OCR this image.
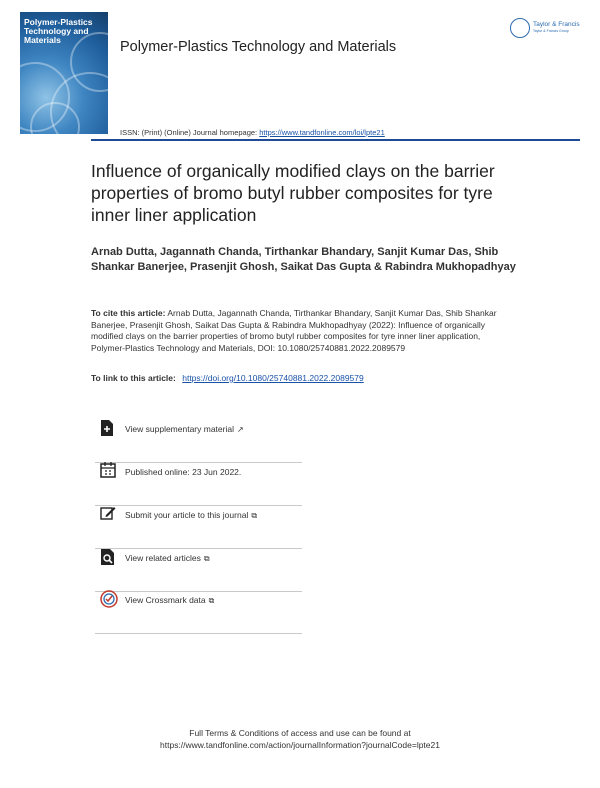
Polymer-Plastics Technology and Materials	Polymer-Plastics Technology and Materials
Taylor & Francis
Taylor & Francis Group
ISSN: (Print) (Online) Journal homepage: https://www.tandfonline.com/loi/lpte21
Influence of organically modified clays on the barrier properties of bromo butyl rubber composites for tyre inner liner application
Arnab Dutta, Jagannath Chanda, Tirthankar Bhandary, Sanjit Kumar Das, Shib Shankar Banerjee, Prasenjit Ghosh, Saikat Das Gupta & Rabindra Mukhopadhyay
To cite this article: Arnab Dutta, Jagannath Chanda, Tirthankar Bhandary, Sanjit Kumar Das, Shib Shankar Banerjee, Prasenjit Ghosh, Saikat Das Gupta & Rabindra Mukhopadhyay (2022): Influence of organically modified clays on the barrier properties of bromo butyl rubber composites for tyre inner liner application, Polymer-Plastics Technology and Materials, DOI: 10.1080/25740881.2022.2089579
To link to this article: https://doi.org/10.1080/25740881.2022.2089579
View supplementary material ↗
Published online: 23 Jun 2022.
Submit your article to this journal ⧉
View related articles ⧉
View Crossmark data ⧉
Full Terms & Conditions of access and use can be found at
https://www.tandfonline.com/action/journalInformation?journalCode=lpte21
